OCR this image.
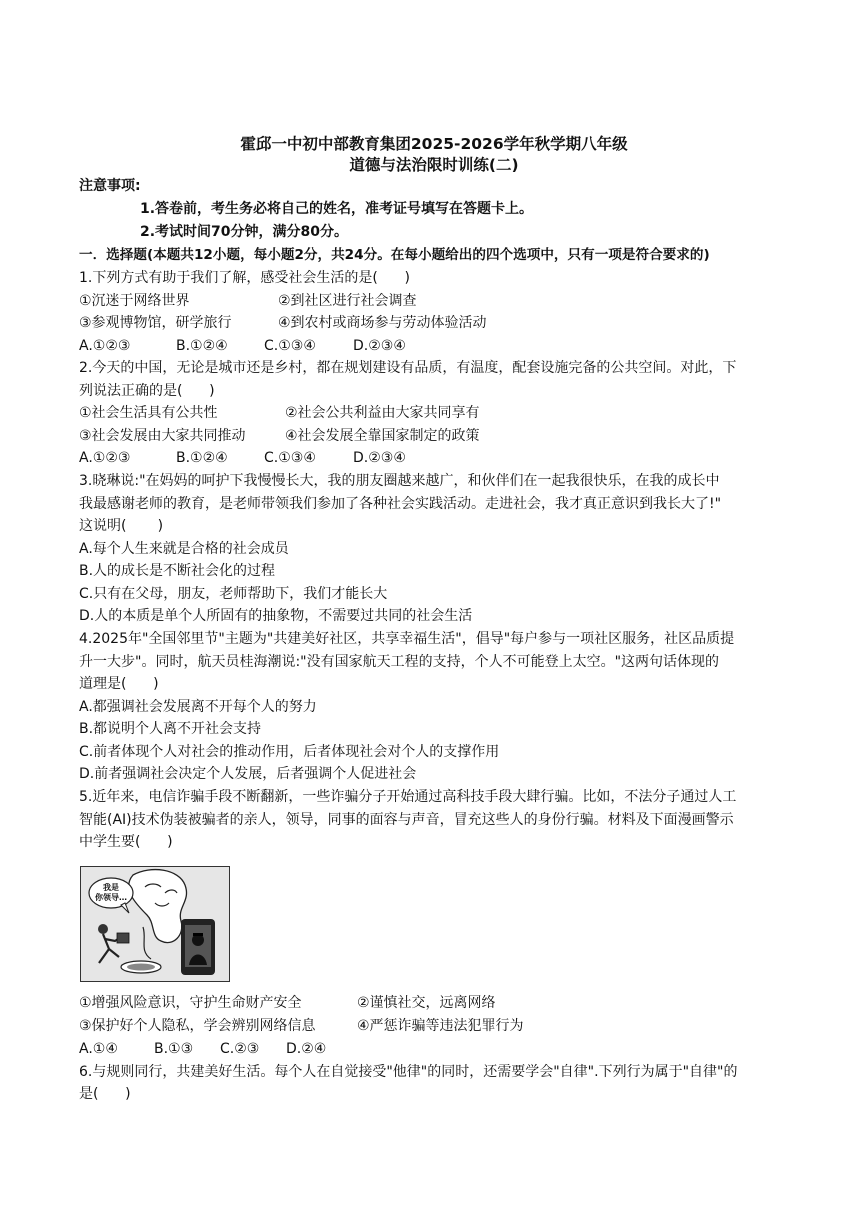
霍邱一中初中部教育集团2025-2026学年秋学期八年级
道德与法治限时训练(二)
注意事项:
1.答卷前，考生务必将自己的姓名，准考证号填写在答题卡上。
2.考试时间70分钟，满分80分。
一．选择题(本题共12小题，每小题2分，共24分。在每小题给出的四个选项中，只有一项是符合要求的)
1.下列方式有助于我们了解，感受社会生活的是(      )
①沉迷于网络世界	②到社区进行社会调查
③参观博物馆，研学旅行	④到农村或商场参与劳动体验活动
A.①②③	B.①②④	C.①③④	D.②③④
2.今天的中国，无论是城市还是乡村，都在规划建设有品质，有温度，配套设施完备的公共空间。对此，下
列说法正确的是(      )
①社会生活具有公共性	②社会公共利益由大家共同享有
③社会发展由大家共同推动	④社会发展全靠国家制定的政策
A.①②③	B.①②④	C.①③④	D.②③④
3.晓琳说:"在妈妈的呵护下我慢慢长大，我的朋友圈越来越广，和伙伴们在一起我很快乐，在我的成长中
我最感谢老师的教育，是老师带领我们参加了各种社会实践活动。走进社会，我才真正意识到我长大了!"
这说明(       )
A.每个人生来就是合格的社会成员
B.人的成长是不断社会化的过程
C.只有在父母，朋友，老师帮助下，我们才能长大
D.人的本质是单个人所固有的抽象物，不需要过共同的社会生活
4.2025年"全国邻里节"主题为"共建美好社区，共享幸福生活"，倡导"每户参与一项社区服务，社区品质提
升一大步"。同时，航天员桂海潮说:"没有国家航天工程的支持，个人不可能登上太空。"这两句话体现的
道理是(      )
A.都强调社会发展离不开每个人的努力
B.都说明个人离不开社会支持
C.前者体现个人对社会的推动作用，后者体现社会对个人的支撑作用
D.前者强调社会决定个人发展，后者强调个人促进社会
5.近年来，电信诈骗手段不断翻新，一些诈骗分子开始通过高科技手段大肆行骗。比如，不法分子通过人工
智能(AI)技术伪装被骗者的亲人，领导，同事的面容与声音，冒充这些人的身份行骗。材料及下面漫画警示
中学生要(      )
我是
你领导…
①增强风险意识，守护生命财产安全	②谨慎社交，远离网络
③保护好个人隐私，学会辨别网络信息	④严惩诈骗等违法犯罪行为
A.①④	B.①③ C.②③ D.②④
6.与规则同行，共建美好生活。每个人在自觉接受"他律"的同时，还需要学会"自律".下列行为属于"自律"的
是(      )
